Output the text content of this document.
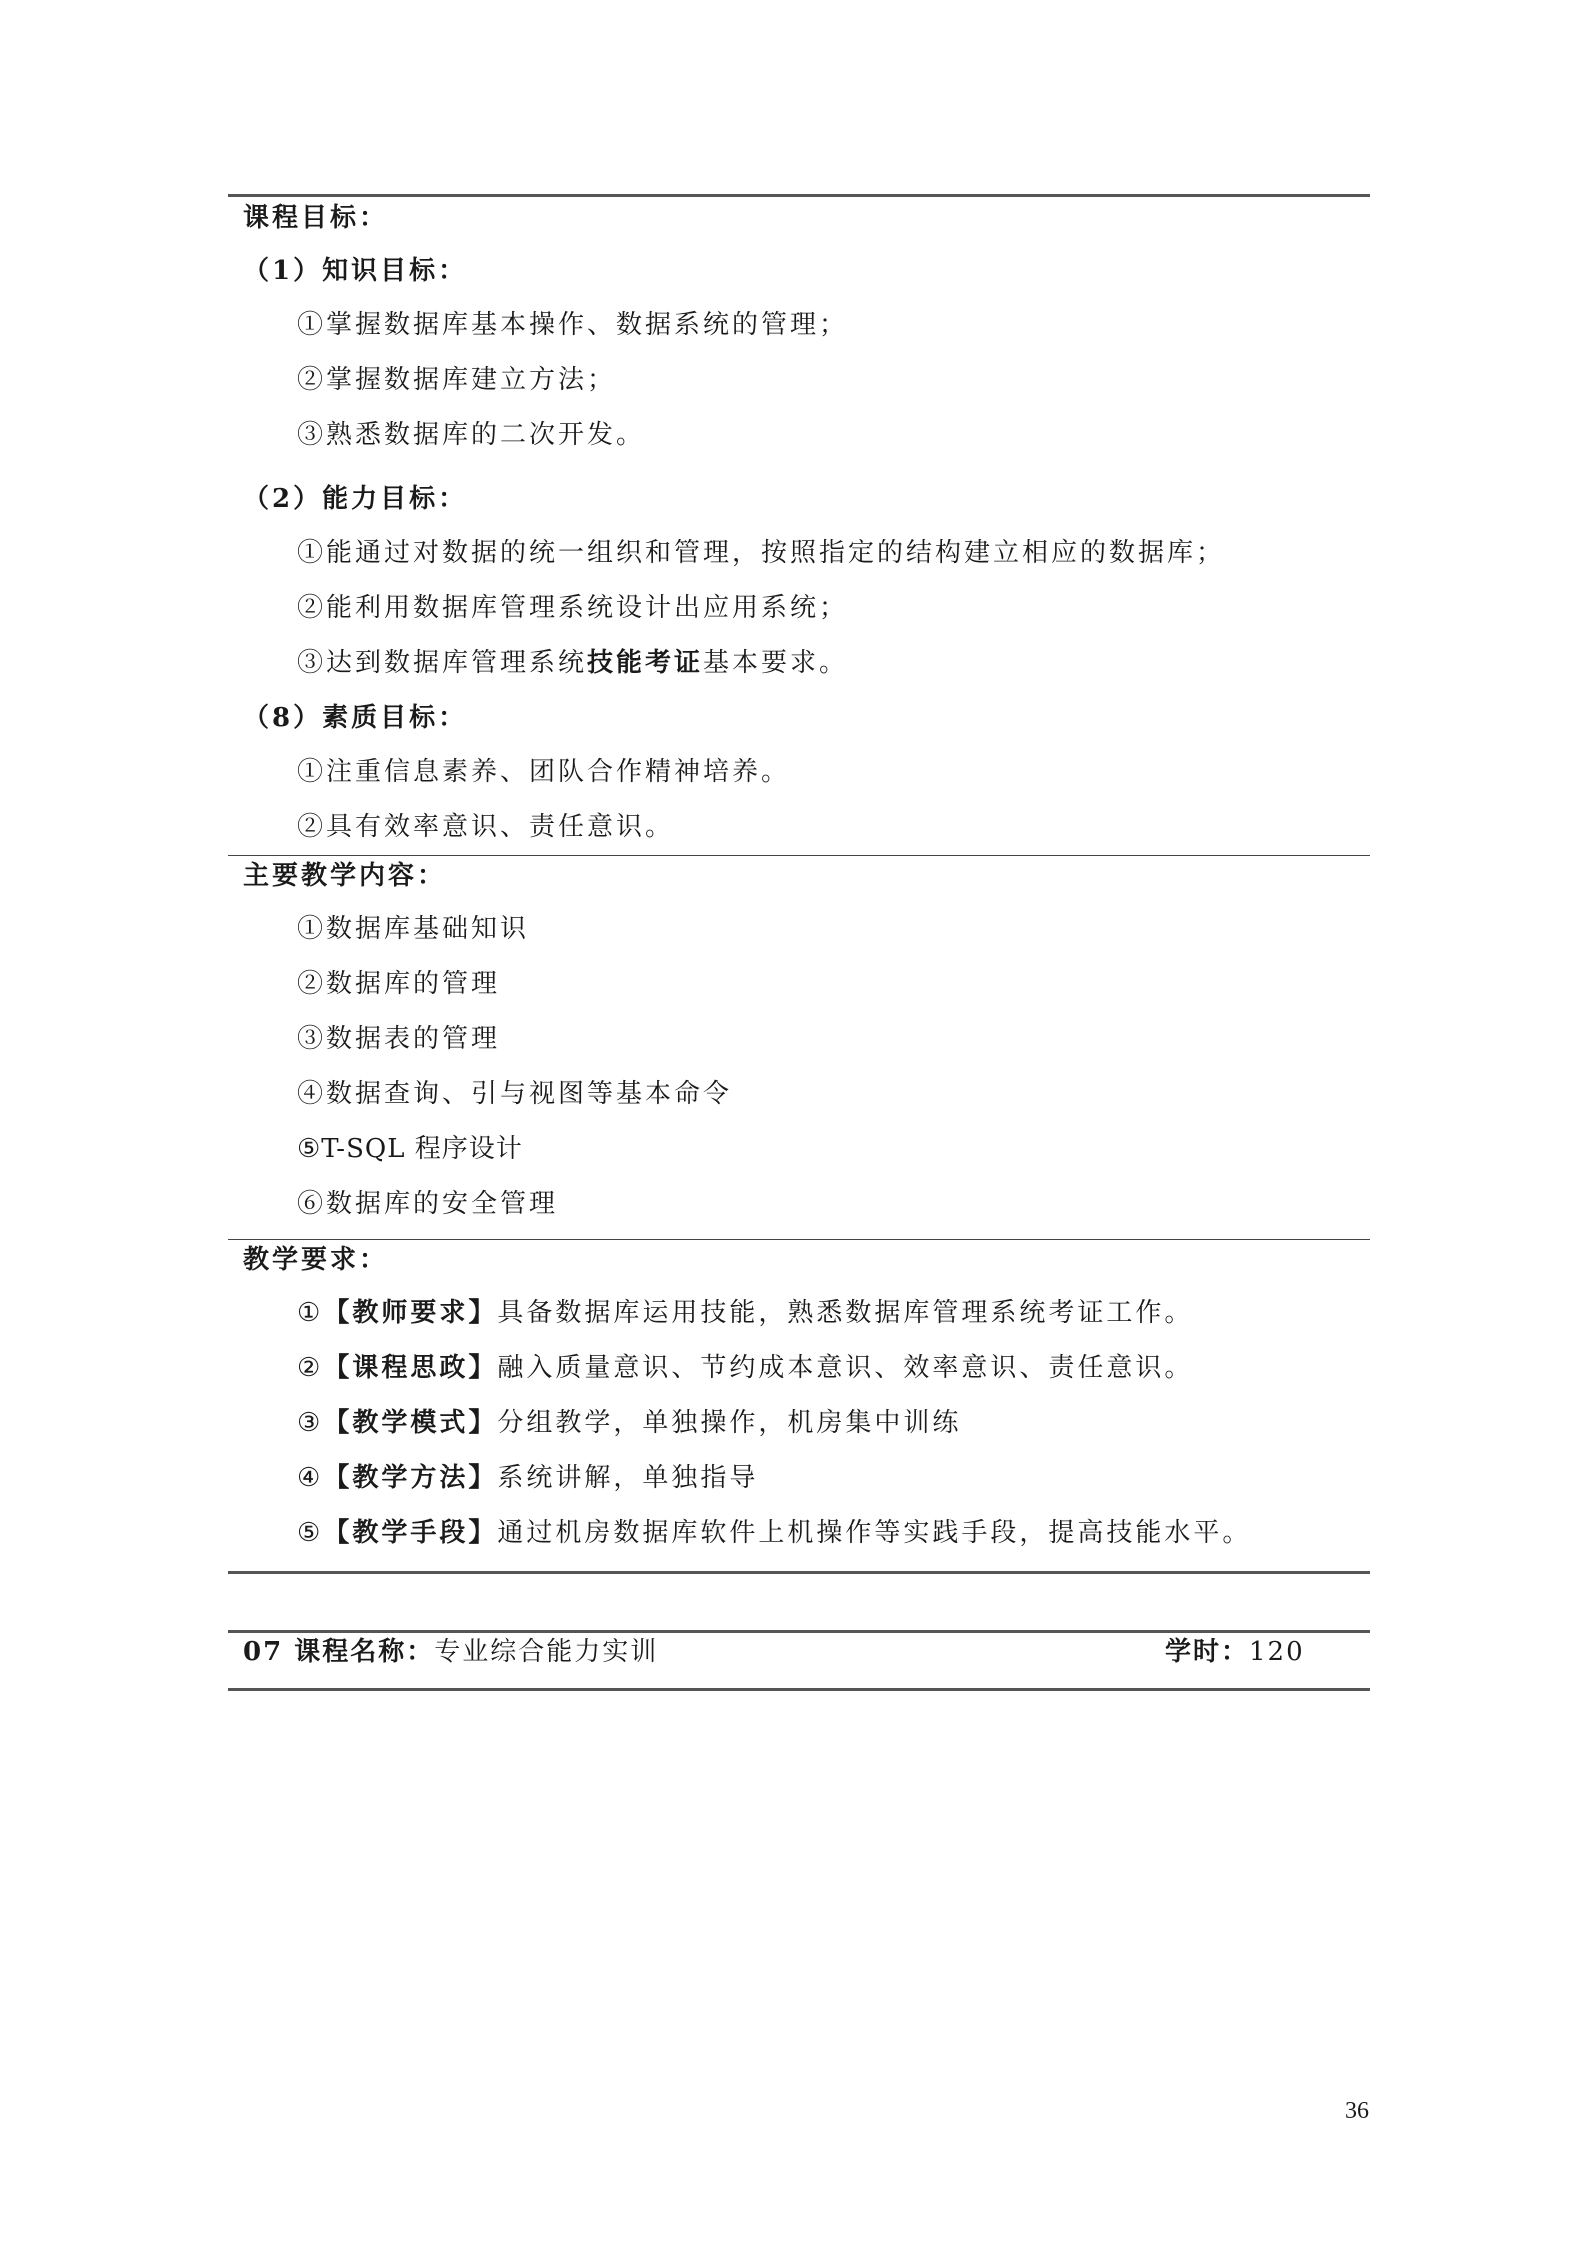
课程目标：
（1）知识目标：
①掌握数据库基本操作、数据系统的管理；
②掌握数据库建立方法；
③熟悉数据库的二次开发。
（2）能力目标：
①能通过对数据的统一组织和管理，按照指定的结构建立相应的数据库；
②能利用数据库管理系统设计出应用系统；
③达到数据库管理系统技能考证基本要求。
（8）素质目标：
①注重信息素养、团队合作精神培养。
②具有效率意识、责任意识。
主要教学内容：
①数据库基础知识
②数据库的管理
③数据表的管理
④数据查询、引与视图等基本命令
⑤T-SQL 程序设计
⑥数据库的安全管理
教学要求：
①【教师要求】具备数据库运用技能，熟悉数据库管理系统考证工作。
②【课程思政】融入质量意识、节约成本意识、效率意识、责任意识。
③【教学模式】分组教学，单独操作，机房集中训练
④【教学方法】系统讲解，单独指导
⑤【教学手段】通过机房数据库软件上机操作等实践手段，提高技能水平。
07 课程名称：专业综合能力实训	学时：120
36
